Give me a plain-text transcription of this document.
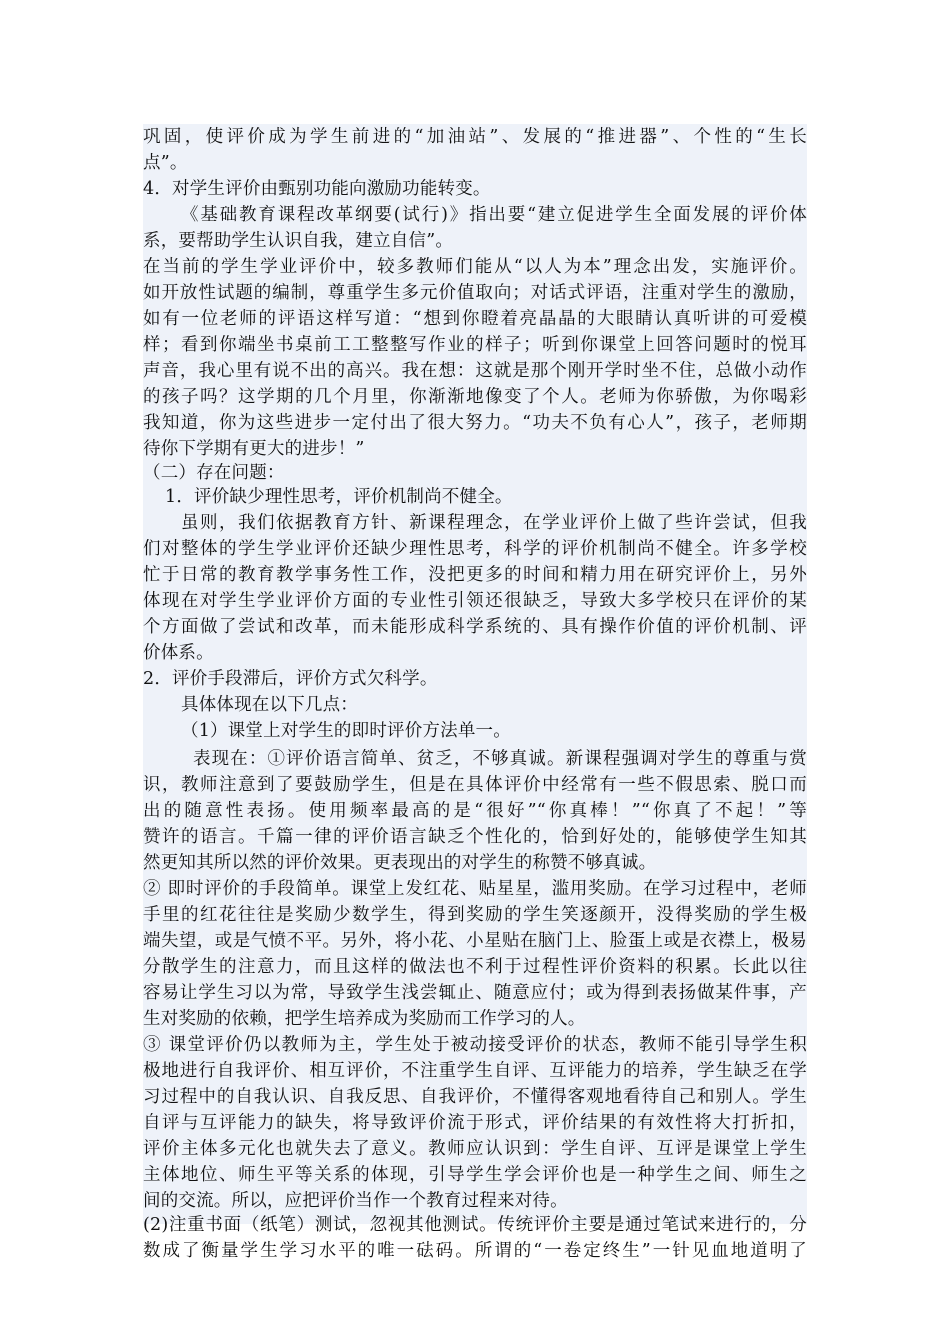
巩固，使评价成为学生前进的“加油站”、发展的“推进器”、个性的“生长
点”。
4．对学生评价由甄别功能向激励功能转变。
《基础教育课程改革纲要(试行)》指出要“建立促进学生全面发展的评价体
系，要帮助学生认识自我，建立自信”。
在当前的学生学业评价中，较多教师们能从“以人为本”理念出发，实施评价。
如开放性试题的编制，尊重学生多元价值取向；对话式评语，注重对学生的激励，
如有一位老师的评语这样写道：“想到你瞪着亮晶晶的大眼睛认真听讲的可爱模
样；看到你端坐书桌前工工整整写作业的样子；听到你课堂上回答问题时的悦耳
声音，我心里有说不出的高兴。我在想：这就是那个刚开学时坐不住，总做小动作
的孩子吗？这学期的几个月里，你渐渐地像变了个人。老师为你骄傲，为你喝彩
我知道，你为这些进步一定付出了很大努力。“功夫不负有心人”，孩子，老师期
待你下学期有更大的进步！”
（二）存在问题：
1．评价缺少理性思考，评价机制尚不健全。
虽则，我们依据教育方针、新课程理念，在学业评价上做了些许尝试，但我
们对整体的学生学业评价还缺少理性思考，科学的评价机制尚不健全。许多学校
忙于日常的教育教学事务性工作，没把更多的时间和精力用在研究评价上，另外
体现在对学生学业评价方面的专业性引领还很缺乏，导致大多学校只在评价的某
个方面做了尝试和改革，而未能形成科学系统的、具有操作价值的评价机制、评
价体系。
2．评价手段滞后，评价方式欠科学。
具体体现在以下几点：
（1）课堂上对学生的即时评价方法单一。
表现在：①评价语言简单、贫乏，不够真诚。新课程强调对学生的尊重与赏
识，教师注意到了要鼓励学生，但是在具体评价中经常有一些不假思索、脱口而
出的随意性表扬。使用频率最高的是“很好”“你真棒！”“你真了不起！”等
赞许的语言。千篇一律的评价语言缺乏个性化的，恰到好处的，能够使学生知其
然更知其所以然的评价效果。更表现出的对学生的称赞不够真诚。
② 即时评价的手段简单。课堂上发红花、贴星星，滥用奖励。在学习过程中，老师
手里的红花往往是奖励少数学生，得到奖励的学生笑逐颜开，没得奖励的学生极
端失望，或是气愤不平。另外，将小花、小星贴在脑门上、脸蛋上或是衣襟上，极易
分散学生的注意力，而且这样的做法也不利于过程性评价资料的积累。长此以往
容易让学生习以为常，导致学生浅尝辄止、随意应付；或为得到表扬做某件事，产
生对奖励的依赖，把学生培养成为奖励而工作学习的人。
③ 课堂评价仍以教师为主，学生处于被动接受评价的状态，教师不能引导学生积
极地进行自我评价、相互评价，不注重学生自评、互评能力的培养，学生缺乏在学
习过程中的自我认识、自我反思、自我评价，不懂得客观地看待自己和别人。学生
自评与互评能力的缺失，将导致评价流于形式，评价结果的有效性将大打折扣，
评价主体多元化也就失去了意义。教师应认识到：学生自评、互评是课堂上学生
主体地位、师生平等关系的体现，引导学生学会评价也是一种学生之间、师生之
间的交流。所以，应把评价当作一个教育过程来对待。
(2)注重书面（纸笔）测试，忽视其他测试。传统评价主要是通过笔试来进行的，分
数成了衡量学生学习水平的唯一砝码。所谓的“一卷定终生”一针见血地道明了
